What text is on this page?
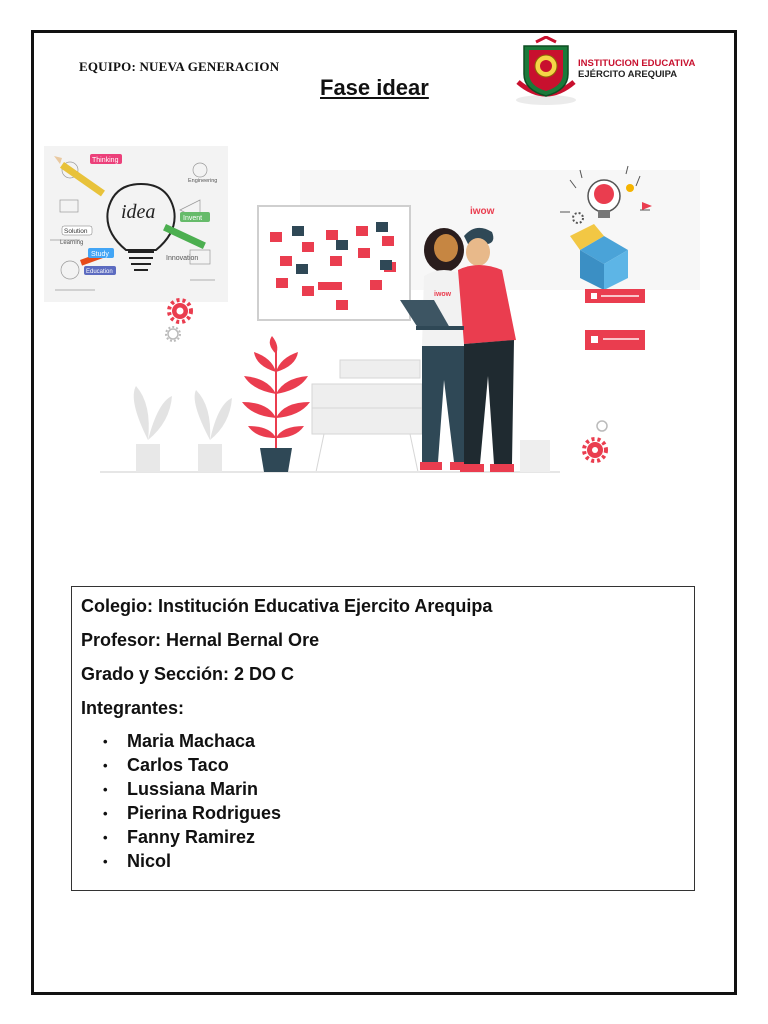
EQUIPO: NUEVA GENERACION
Fase idear
INSTITUCION EDUCATIVA
EJÉRCITO AREQUIPA
idea
Thinking
Solution
Study
Innovation
Learning
Education
Invent
Engineering
iwow
iwow
Colegio: Institución Educativa Ejercito Arequipa
Profesor: Hernal Bernal Ore
Grado y Sección: 2 DO C
Integrantes:
• Maria Machaca
• Carlos Taco
• Lussiana Marin
• Pierina Rodrigues
• Fanny Ramirez
• Nicol
